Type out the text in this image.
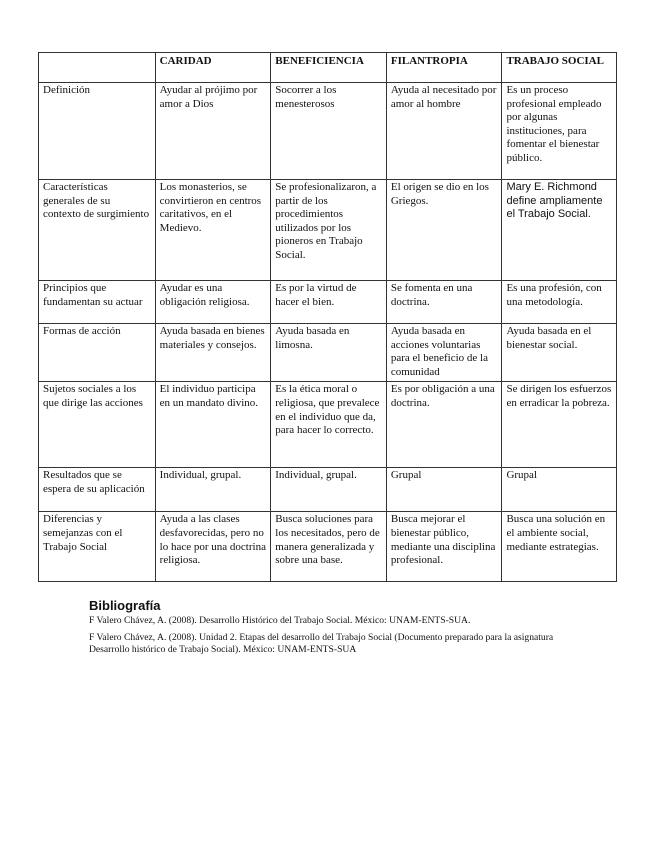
	CARIDAD	BENEFICIENCIA	FILANTROPIA	TRABAJO SOCIAL
Definición	Ayudar al prójimo por amor a Dios	Socorrer a los menesterosos	Ayuda al necesitado por amor al hombre	Es un proceso profesional empleado por algunas instituciones, para fomentar el bienestar público.
Características generales de su contexto de surgimiento	Los monasterios, se convirtieron en centros caritativos, en el Medievo.	Se profesionalizaron, a partir de los procedimientos utilizados por los pioneros en Trabajo Social.	El origen se dio en los Griegos.	Mary E. Richmond define ampliamente el Trabajo Social.
Principios que fundamentan su actuar	Ayudar es una obligación religiosa.	Es por la virtud de hacer el bien.	Se fomenta en una doctrina.	Es una profesión, con una metodología.
Formas de acción	Ayuda basada en bienes materiales y consejos.	Ayuda basada en limosna.	Ayuda basada en acciones voluntarias para el beneficio de la comunidad	Ayuda basada en el bienestar social.
Sujetos sociales a los que dirige las acciones	El individuo participa en un mandato divino.	Es la ética moral o religiosa, que prevalece en el individuo que da, para hacer lo correcto.	Es por obligación a una doctrina.	Se dirigen los esfuerzos en erradicar la pobreza.
Resultados que se espera de su aplicación	Individual, grupal.	Individual, grupal.	Grupal	Grupal
Diferencias y semejanzas con el Trabajo Social	Ayuda a las clases desfavorecidas, pero no lo hace por una doctrina religiosa.	Busca soluciones para los necesitados, pero de manera generalizada y sobre una base.	Busca mejorar el bienestar público, mediante una disciplina profesional.	Busca una solución en el ambiente social, mediante estrategias.
Bibliografía

F Valero Chávez, A. (2008). Desarrollo Histórico del Trabajo Social. México: UNAM-ENTS-SUA.

F Valero Chávez, A. (2008). Unidad 2. Etapas del desarrollo del Trabajo Social (Documento preparado para la asignatura Desarrollo histórico de Trabajo Social). México: UNAM-ENTS-SUA
